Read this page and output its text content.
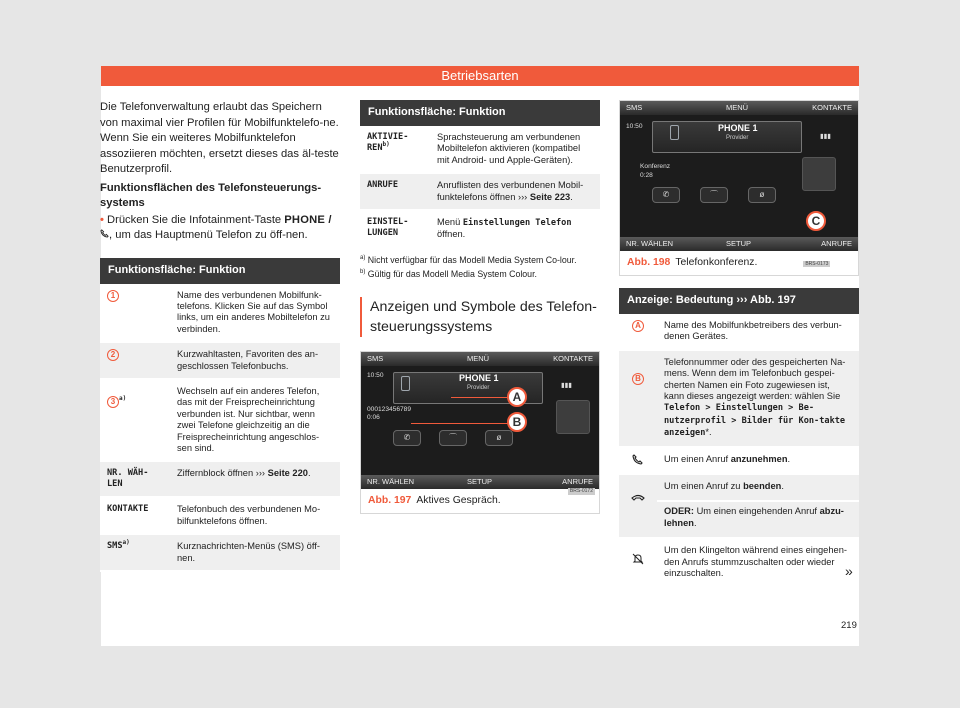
Betriebsarten

Die Telefonverwaltung erlaubt das Speichern von maximal vier Profilen für Mobilfunktelefo-ne. Wenn Sie ein weiteres Mobilfunktelefon assoziieren möchten, ersetzt dieses das äl-teste Benutzerprofil.

Funktionsflächen des Telefonsteuerungs-systems

• Drücken Sie die Infotainment-Taste PHONE / , um das Hauptmenü Telefon zu öff-nen.

Funktionsfläche: Funktion	
1	Name des verbundenen Mobilfunk-telefons. Klicken Sie auf das Symbol links, um ein anderes Mobiltelefon zu verbinden.
2	Kurzwahltasten, Favoriten des an-geschlossen Telefonbuchs.
3 $^{a)}$	Wechseln auf ein anderes Telefon, das mit der Freisprecheinrichtung verbunden ist. Nur sichtbar, wenn zwei Telefone gleichzeitig an die Freisprecheinrichtung angeschlos-sen sind.
NR. WÄH-LEN	Ziffernblock öffnen ››› Seite 220.
KONTAKTE	Telefonbuch des verbundenen Mo-bilfunktelefons öffnen.
SMS$^{a)}$	Kurznachrichten-Menüs (SMS) öff-nen.
Funktionsfläche: Funktion	
AKTIVIE-REN$^{b)}$	Sprachsteuerung am verbundenen Mobiltelefon aktivieren (kompatibel mit Android- und Apple-Geräten).
ANRUFE	Anruflisten des verbundenen Mobil-funktelefons öffnen ››› Seite 223.
EINSTEL-LUNGEN	Menü Einstellungen Telefon öffnen.

$^{a)}$ Nicht verfügbar für das Modell Media System Co-lour.

$^{b)}$ Gültig für das Modell Media System Colour.

Anzeigen und Symbole des Telefon-steuerungssystems

SMS	MENÜ	KONTAKTE
10:50	PHONE 1
Provider	▮▮▮
000123456789
0:06
✆	⌒	ø
A
B
NR. WÄHLEN	SETUP	ANRUFE
BRS-0172

Abb. 197 Aktives Gespräch.

SMS	MENÜ	KONTAKTE
10:50	PHONE 1
Provider	▮▮▮
Konferenz
0:28
✆	⌒	ø
C
NR. WÄHLEN	SETUP	ANRUFE

Abb. 198 Telefonkonferenz.	BRS-0173

Anzeige: Bedeutung ››› Abb. 197	
A	Name des Mobilfunkbetreibers des verbun-denen Gerätes.
B	Telefonnummer oder des gespeicherten Na-mens. Wenn dem im Telefonbuch gespei-cherten Namen ein Foto zugewiesen ist, kann dieses angezeigt werden: wählen Sie Telefon > Einstellungen > Be-nutzerprofil > Bilder für Kon-takte anzeigen*.
	Um einen Anruf anzunehmen.
	Um einen Anruf zu beenden.
ODER: Um einen eingehenden Anruf abzu-lehnen.

	Um den Klingelton während eines eingehen-den Anrufs stummzuschalten oder wieder einzuschalten.	»
219
